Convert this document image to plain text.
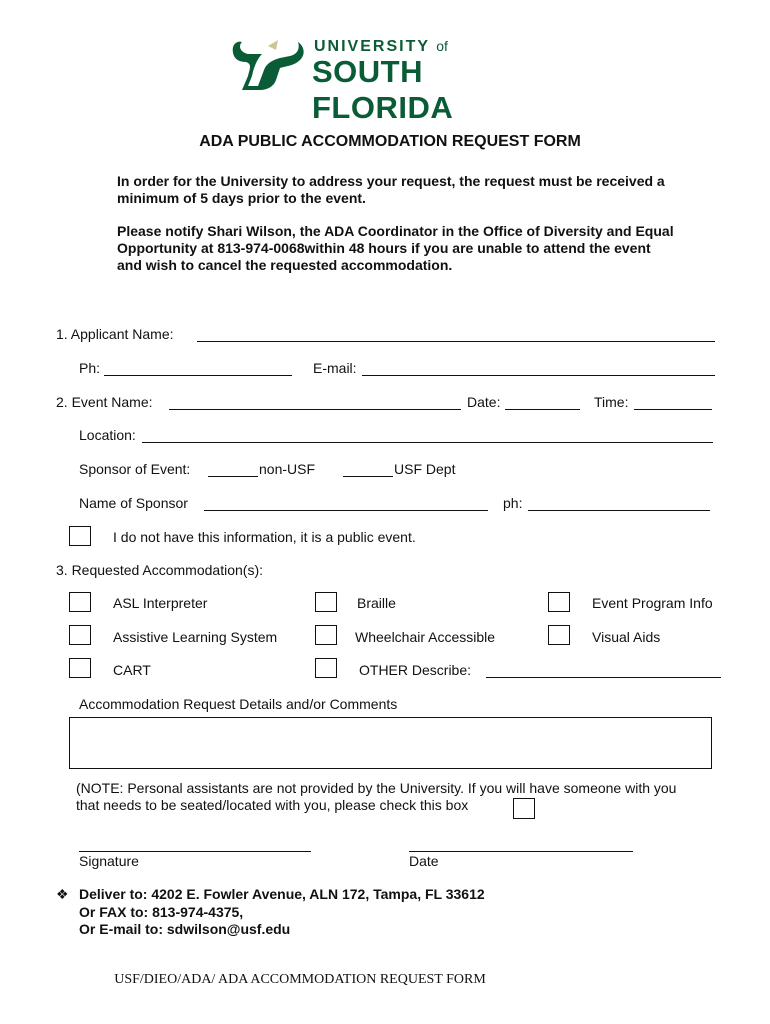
UNIVERSITY of
SOUTH FLORIDA
ADA PUBLIC ACCOMMODATION REQUEST FORM
In order for the University to address your request, the request must be received a minimum of 5 days prior to the event.
Please notify Shari Wilson, the ADA Coordinator in the Office of Diversity and Equal Opportunity at 813-974-0068within 48 hours if you are unable to attend the event and wish to cancel the requested accommodation.
1. Applicant Name:
Ph:	E-mail:
2. Event Name:	Date:	Time:
Location:
Sponsor of Event:	non-USF	USF Dept
Name of Sponsor	ph:
I do not have this information, it is a public event.
3. Requested Accommodation(s):
ASL Interpreter	Braille	Event Program Info
Assistive Learning System	Wheelchair Accessible	Visual Aids
CART	OTHER Describe:
Accommodation Request Details and/or Comments
(NOTE: Personal assistants are not provided by the University. If you will have someone with you
that needs to be seated/located with you, please check this box
Signature	Date
❖ Deliver to: 4202 E. Fowler Avenue, ALN 172, Tampa, FL 33612
Or FAX to: 813-974-4375,
Or E-mail to: sdwilson@usf.edu
USF/DIEO/ADA/ ADA ACCOMMODATION REQUEST FORM
